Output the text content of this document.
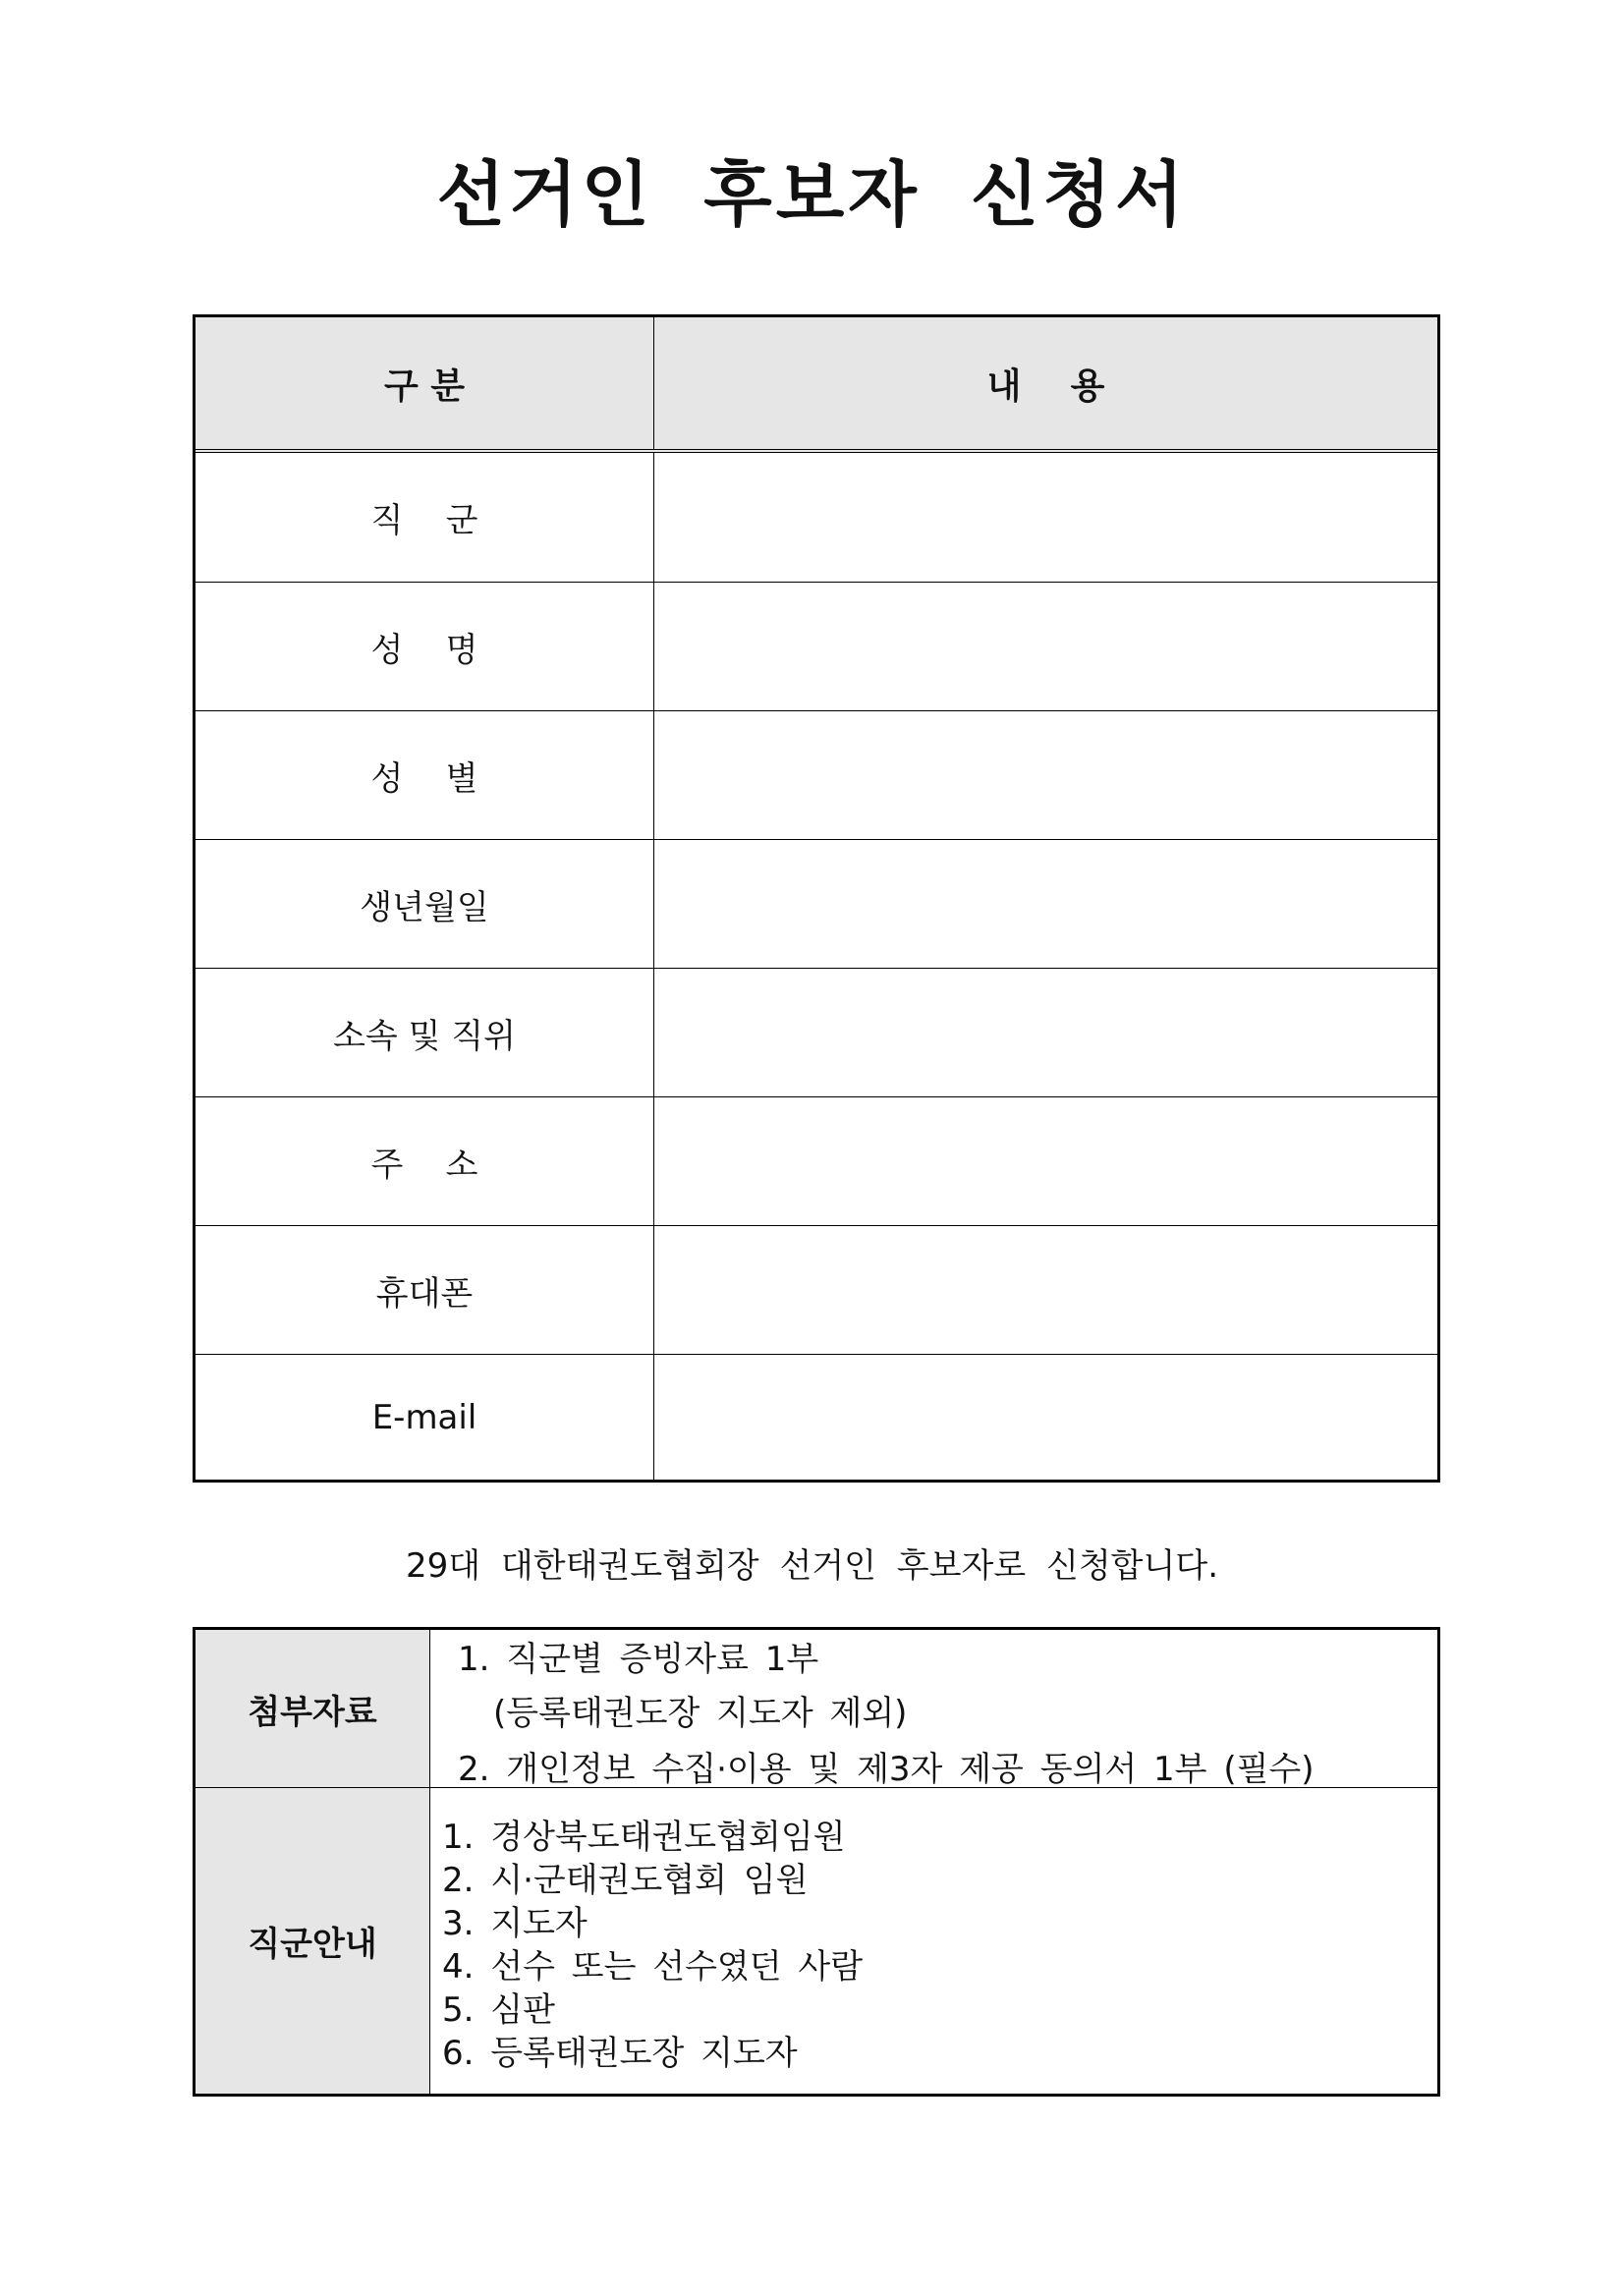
선거인 후보자 신청서
구 분	내    용
직    군
성    명
성    별
생년월일
소속 및 직위
주    소
휴대폰
E-mail
29대 대한태권도협회장 선거인 후보자로 신청합니다.
첨부자료
1. 직군별 증빙자료 1부
(등록태권도장 지도자 제외)
2. 개인정보 수집·이용 및 제3자 제공 동의서 1부 (필수)
직군안내
1. 경상북도태권도협회임원
2. 시·군태권도협회 임원
3. 지도자
4. 선수 또는 선수였던 사람
5. 심판
6. 등록태권도장 지도자
